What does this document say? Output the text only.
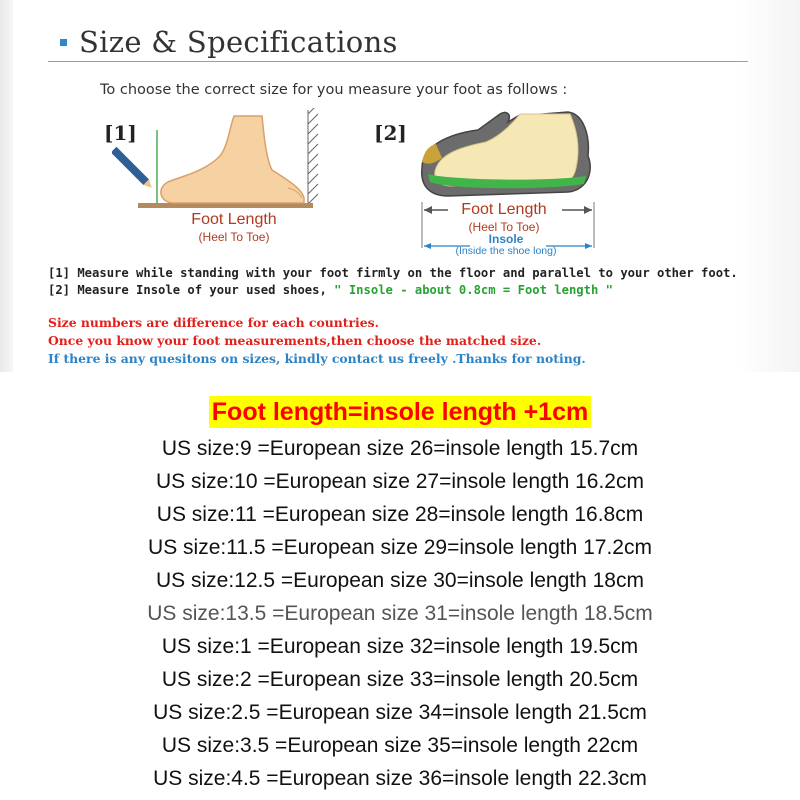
Size & Specifications
To choose the correct size for you measure your foot as follows :
[1]
Foot Length
(Heel To Toe)
[2]
Foot Length
(Heel To Toe)
Insole
(Inside the shoe long)
[1] Measure while standing with your foot firmly on the floor and parallel to your other foot.
[2] Measure Insole of your used shoes, " Insole - about 0.8cm = Foot length "
Size numbers are difference for each countries.
Once you know your foot measurements,then choose the matched size.
If there is any quesitons on sizes, kindly contact us freely .Thanks for noting.
Foot length=insole length +1cm
US size:9 =European size 26=insole length 15.7cm
US size:10 =European size 27=insole length 16.2cm
US size:11 =European size 28=insole length 16.8cm
US size:11.5 =European size 29=insole length 17.2cm
US size:12.5 =European size 30=insole length 18cm
US size:13.5 =European size 31=insole length 18.5cm
US size:1 =European size 32=insole length 19.5cm
US size:2 =European size 33=insole length 20.5cm
US size:2.5 =European size 34=insole length 21.5cm
US size:3.5 =European size 35=insole length 22cm
US size:4.5 =European size 36=insole length 22.3cm
